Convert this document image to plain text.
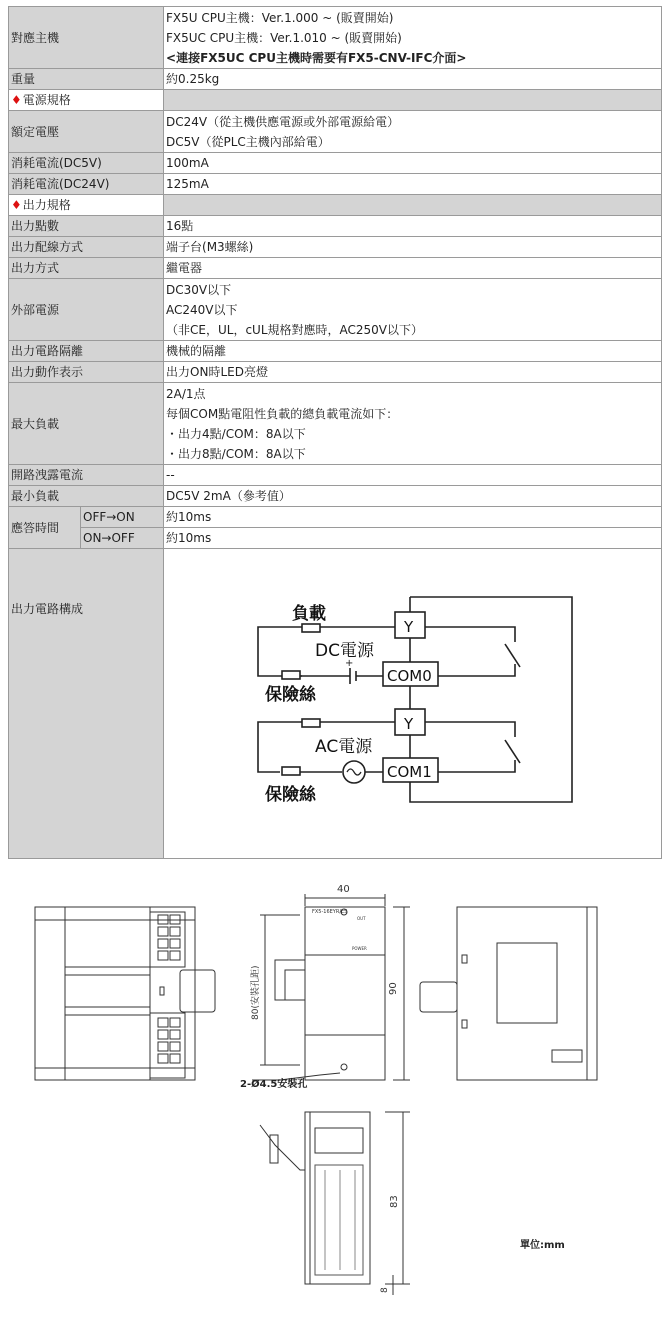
對應主機		FX5U CPU主機：Ver.1.000 ~ (販賣開始)
FX5UC CPU主機：Ver.1.010 ~ (販賣開始)
<連接FX5UC CPU主機時需要有FX5-CNV-IFC介面>

重量		約0.25kg
♦電源規格		
額定電壓		DC24V（從主機供應電源或外部電源給電）
DC5V（從PLC主機內部給電）

消耗電流(DC5V)		100mA
消耗電流(DC24V)		125mA
♦出力規格		
出力點數		16點
出力配線方式		端子台(M3螺絲)
出力方式		繼電器
外部電源		DC30V以下
AC240V以下
（非CE，UL，cUL規格對應時，AC250V以下）

出力電路隔離		機械的隔離
出力動作表示		出力ON時LED亮燈
最大負載		2A/1点
每個COM點電阻性負載的總負載電流如下：
・出力4點/COM：8A以下
・出力8點/COM：8A以下

開路洩露電流		--
最小負載		DC5V 2mA（參考值）
應答時間	OFF→ON	約10ms
	ON→OFF	約10ms
出力電路構成		
+
負載
DC電源
保險絲
AC電源
保險絲
Y
COM0
Y
COM1
40
90
80(安裝孔距)
83
8
FX5-16EYR/ES
OUT
POWER
2-Ø4.5安裝孔
單位:mm
